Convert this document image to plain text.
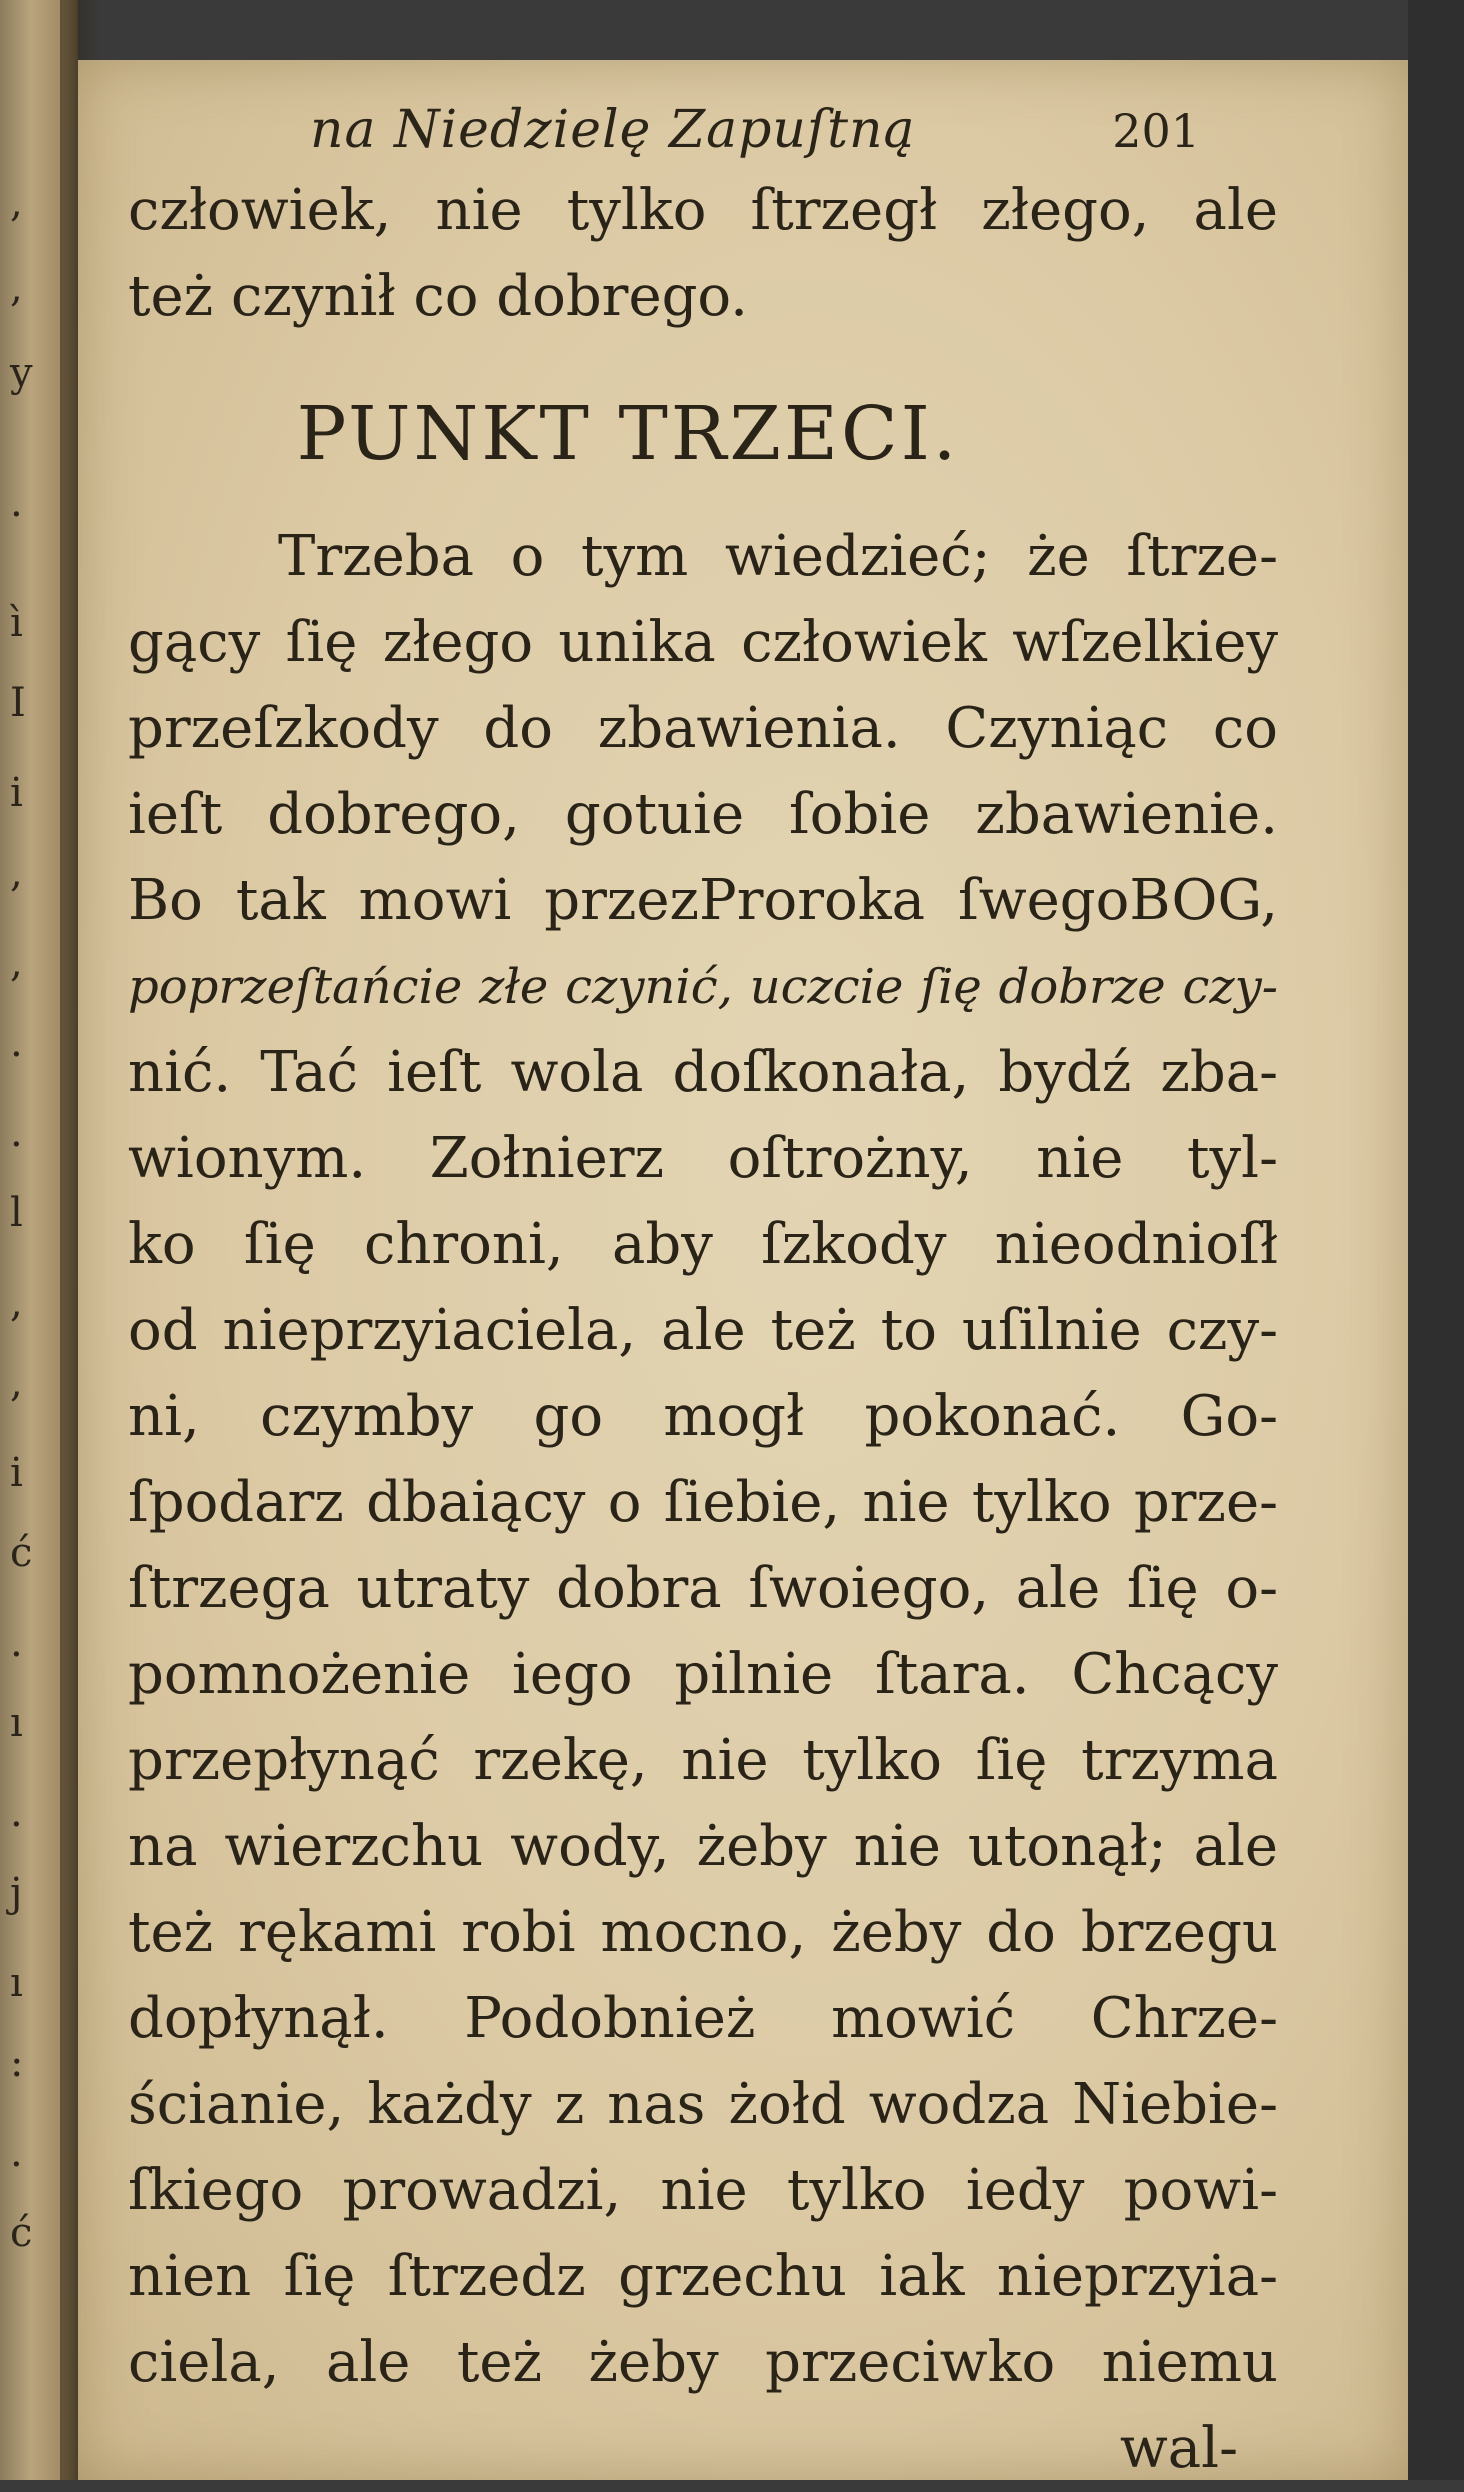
,
,
y
.
ì
I
i
,
,
.
.
l
,
,
i
ć
.
ı
.
j
ı
:
.
ć
na Niedzielę Zapuſtną	201
człowiek, nie tylko ſtrzegł złego, ale
też czynił co dobrego.
PUNKT TRZECI.
Trzeba o tym wiedzieć; że ſtrze-
gący ſię złego unika człowiek wſzelkiey
przeſzkody do zbawienia. Czyniąc co
ieſt dobrego, gotuie ſobie zbawienie.
Bo tak mowi przezProroka ſwegoBOG,
poprzeſtańcie złe czynić, uczcie ſię dobrze czy-
nić. Tać ieſt wola doſkonała, bydź zba-
wionym. Zołnierz oſtrożny, nie tyl-
ko ſię chroni, aby ſzkody nieodnioſł
od nieprzyiaciela, ale też to uſilnie czy-
ni, czymby go mogł pokonać. Go-
ſpodarz dbaiący o ſiebie, nie tylko prze-
ſtrzega utraty dobra ſwoiego, ale ſię o-
pomnożenie iego pilnie ſtara. Chcący
przepłynąć rzekę, nie tylko ſię trzyma
na wierzchu wody, żeby nie utonął; ale
też rękami robi mocno, żeby do brzegu
dopłynął. Podobnież mowić Chrze-
ścianie, każdy z nas żołd wodza Niebie-
ſkiego prowadzi, nie tylko iedy powi-
nien ſię ſtrzedz grzechu iak nieprzyia-
ciela, ale też żeby przeciwko niemu
wal-
